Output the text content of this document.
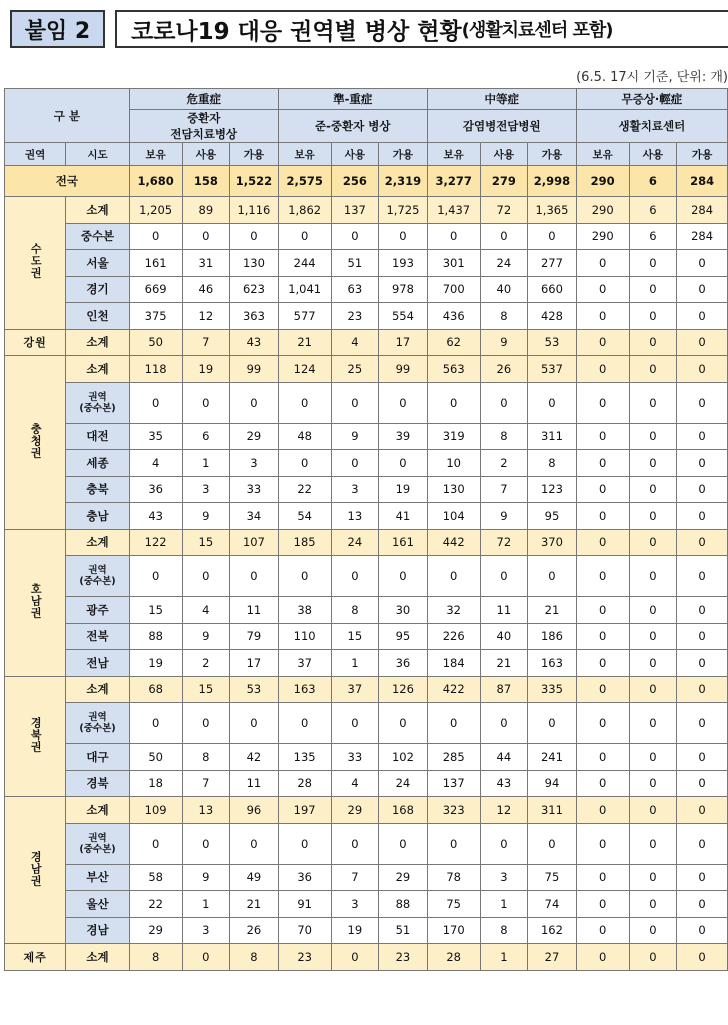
붙임 2	코로나19 대응 권역별 병상 현황 (생활치료센터 포함)
(6.5. 17시 기준, 단위: 개)
구 분		危重症			準-重症			中等症			무증상·輕症		
		중환자
전담치료병상			준-중환자 병상			감염병전담병원			생활치료센터		
권역	시도	보유	사용	가용	보유	사용	가용	보유	사용	가용	보유	사용	가용
전국		1,680	158	1,522	2,575	256	2,319	3,277	279	2,998	290	6	284
수도권	소계	1,205	89	1,116	1,862	137	1,725	1,437	72	1,365	290	6	284
	중수본	0	0	0	0	0	0	0	0	0	290	6	284
	서울	161	31	130	244	51	193	301	24	277	0	0	0
	경기	669	46	623	1,041	63	978	700	40	660	0	0	0
	인천	375	12	363	577	23	554	436	8	428	0	0	0
강원	소계	50	7	43	21	4	17	62	9	53	0	0	0
충청권	소계	118	19	99	124	25	99	563	26	537	0	0	0
	권역
(중수본)	0	0	0	0	0	0	0	0	0	0	0	0
	대전	35	6	29	48	9	39	319	8	311	0	0	0
	세종	4	1	3	0	0	0	10	2	8	0	0	0
	충북	36	3	33	22	3	19	130	7	123	0	0	0
	충남	43	9	34	54	13	41	104	9	95	0	0	0
호남권	소계	122	15	107	185	24	161	442	72	370	0	0	0
	권역
(중수본)	0	0	0	0	0	0	0	0	0	0	0	0
	광주	15	4	11	38	8	30	32	11	21	0	0	0
	전북	88	9	79	110	15	95	226	40	186	0	0	0
	전남	19	2	17	37	1	36	184	21	163	0	0	0
경북권	소계	68	15	53	163	37	126	422	87	335	0	0	0
	권역
(중수본)	0	0	0	0	0	0	0	0	0	0	0	0
	대구	50	8	42	135	33	102	285	44	241	0	0	0
	경북	18	7	11	28	4	24	137	43	94	0	0	0
경남권	소계	109	13	96	197	29	168	323	12	311	0	0	0
	권역
(중수본)	0	0	0	0	0	0	0	0	0	0	0	0
	부산	58	9	49	36	7	29	78	3	75	0	0	0
	울산	22	1	21	91	3	88	75	1	74	0	0	0
	경남	29	3	26	70	19	51	170	8	162	0	0	0
제주	소계	8	0	8	23	0	23	28	1	27	0	0	0
